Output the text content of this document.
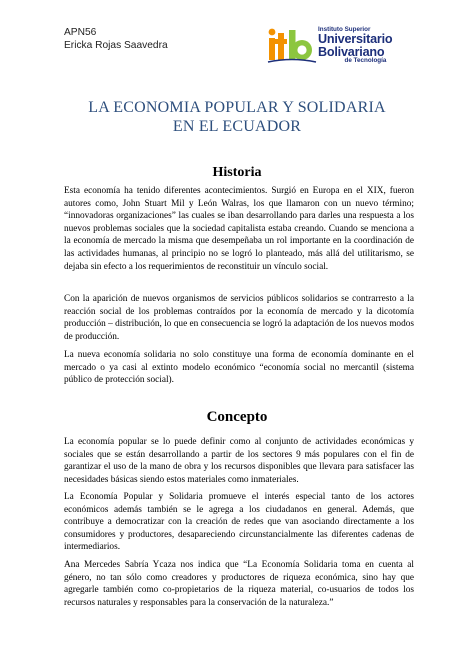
APN56
Ericka Rojas Saavedra
Instituto Superior
Universitario
Bolivariano
de Tecnología
LA ECONOMIA POPULAR Y SOLIDARIA
EN EL ECUADOR
Historia

Esta economía ha tenido diferentes acontecimientos. Surgió en Europa en el XIX, fueron autores como, John Stuart Mil y León Walras, los que llamaron con un nuevo término; “innovadoras organizaciones” las cuales se iban desarrollando para darles una respuesta a los nuevos problemas sociales que la sociedad capitalista estaba creando. Cuando se menciona a la economía de mercado la misma que desempeñaba un rol importante en la coordinación de las actividades humanas, al principio no se logró lo planteado, más allá del utilitarismo, se dejaba sin efecto a los requerimientos de reconstituir un vínculo social.

Con la aparición de nuevos organismos de servicios públicos solidarios se contrarresto a la reacción social de los problemas contraídos por la economía de mercado y la dicotomía producción – distribución, lo que en consecuencia se logró la adaptación de los nuevos modos de producción.

La nueva economía solidaria no solo constituye una forma de economía dominante en el mercado o ya casi al extinto modelo económico “economía social no mercantil (sistema público de protección social).

Concepto

La economía popular se lo puede definir como al conjunto de actividades económicas y sociales que se están desarrollando a partir de los sectores 9 más populares con el fin de garantizar el uso de la mano de obra y los recursos disponibles que llevara para satisfacer las necesidades básicas siendo estos materiales como inmateriales.

La Economía Popular y Solidaria promueve el interés especial tanto de los actores económicos además también se le agrega a los ciudadanos en general. Además, que contribuye a democratizar con la creación de redes que van asociando directamente a los consumidores y productores, desapareciendo circunstancialmente las diferentes cadenas de intermediarios.

Ana Mercedes Sabría Ycaza nos indica que “La Economía Solidaria toma en cuenta al género, no tan sólo como creadores y productores de riqueza económica, sino hay que agregarle también como co-propietarios de la riqueza material, co-usuarios de todos los recursos naturales y responsables para la conservación de la naturaleza.”
